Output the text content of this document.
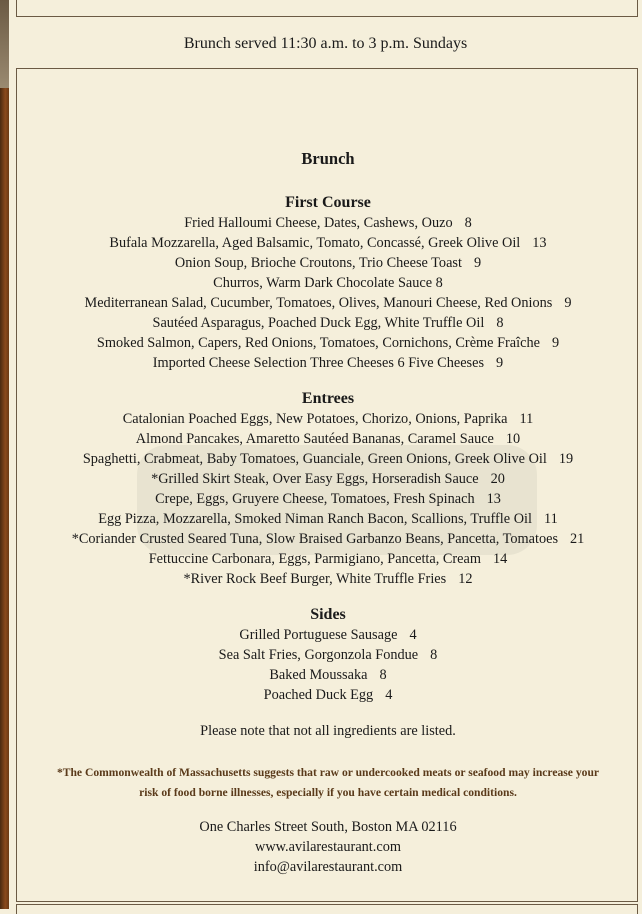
Brunch served 11:30 a.m. to 3 p.m. Sundays
Brunch
First Course
Fried Halloumi Cheese, Dates, Cashews, Ouzo 8
Bufala Mozzarella, Aged Balsamic, Tomato, Concassé, Greek Olive Oil 13
Onion Soup, Brioche Croutons, Trio Cheese Toast 9
Churros, Warm Dark Chocolate Sauce 8
Mediterranean Salad, Cucumber, Tomatoes, Olives, Manouri Cheese, Red Onions 9
Sautéed Asparagus, Poached Duck Egg, White Truffle Oil 8
Smoked Salmon, Capers, Red Onions, Tomatoes, Cornichons, Crème Fraîche 9
Imported Cheese Selection Three Cheeses 6 Five Cheeses 9
Entrees
Catalonian Poached Eggs, New Potatoes, Chorizo, Onions, Paprika 11
Almond Pancakes, Amaretto Sautéed Bananas, Caramel Sauce 10
Spaghetti, Crabmeat, Baby Tomatoes, Guanciale, Green Onions, Greek Olive Oil 19
*Grilled Skirt Steak, Over Easy Eggs, Horseradish Sauce 20
Crepe, Eggs, Gruyere Cheese, Tomatoes, Fresh Spinach 13
Egg Pizza, Mozzarella, Smoked Niman Ranch Bacon, Scallions, Truffle Oil 11
*Coriander Crusted Seared Tuna, Slow Braised Garbanzo Beans, Pancetta, Tomatoes 21
Fettuccine Carbonara, Eggs, Parmigiano, Pancetta, Cream 14
*River Rock Beef Burger, White Truffle Fries 12
Sides
Grilled Portuguese Sausage 4
Sea Salt Fries, Gorgonzola Fondue 8
Baked Moussaka 8
Poached Duck Egg 4
Please note that not all ingredients are listed.
*The Commonwealth of Massachusetts suggests that raw or undercooked meats or seafood may increase your
risk of food borne illnesses, especially if you have certain medical conditions.
One Charles Street South, Boston MA 02116
www.avilarestaurant.com
info@avilarestaurant.com
